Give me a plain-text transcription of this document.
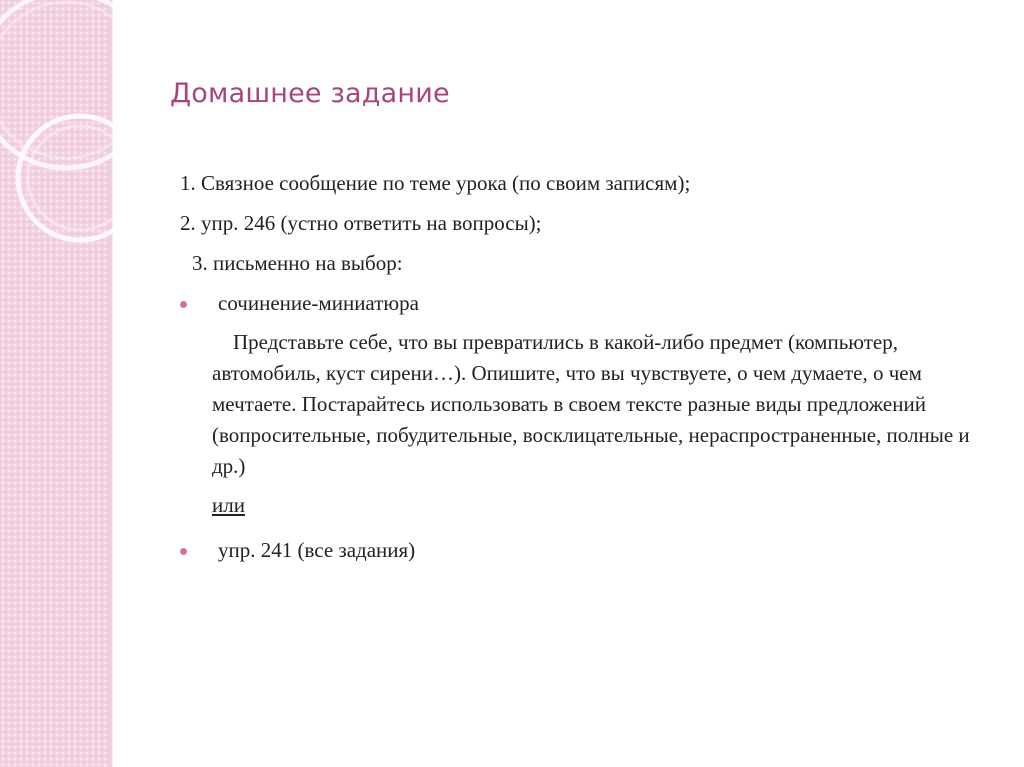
Домашнее задание
1. Связное сообщение по теме урока (по своим записям);
2. упр. 246 (устно ответить на вопросы);
3. письменно на выбор:
сочинение-миниатюра

Представьте себе, что вы превратились в какой-либо предмет (компьютер, автомобиль, куст сирени…). Опишите, что вы чувствуете, о чем думаете, о чем мечтаете. Постарайтесь использовать в своем тексте разные виды предложений (вопросительные, побудительные, восклицательные, нераспространенные, полные и др.)

или
упр. 241 (все задания)
